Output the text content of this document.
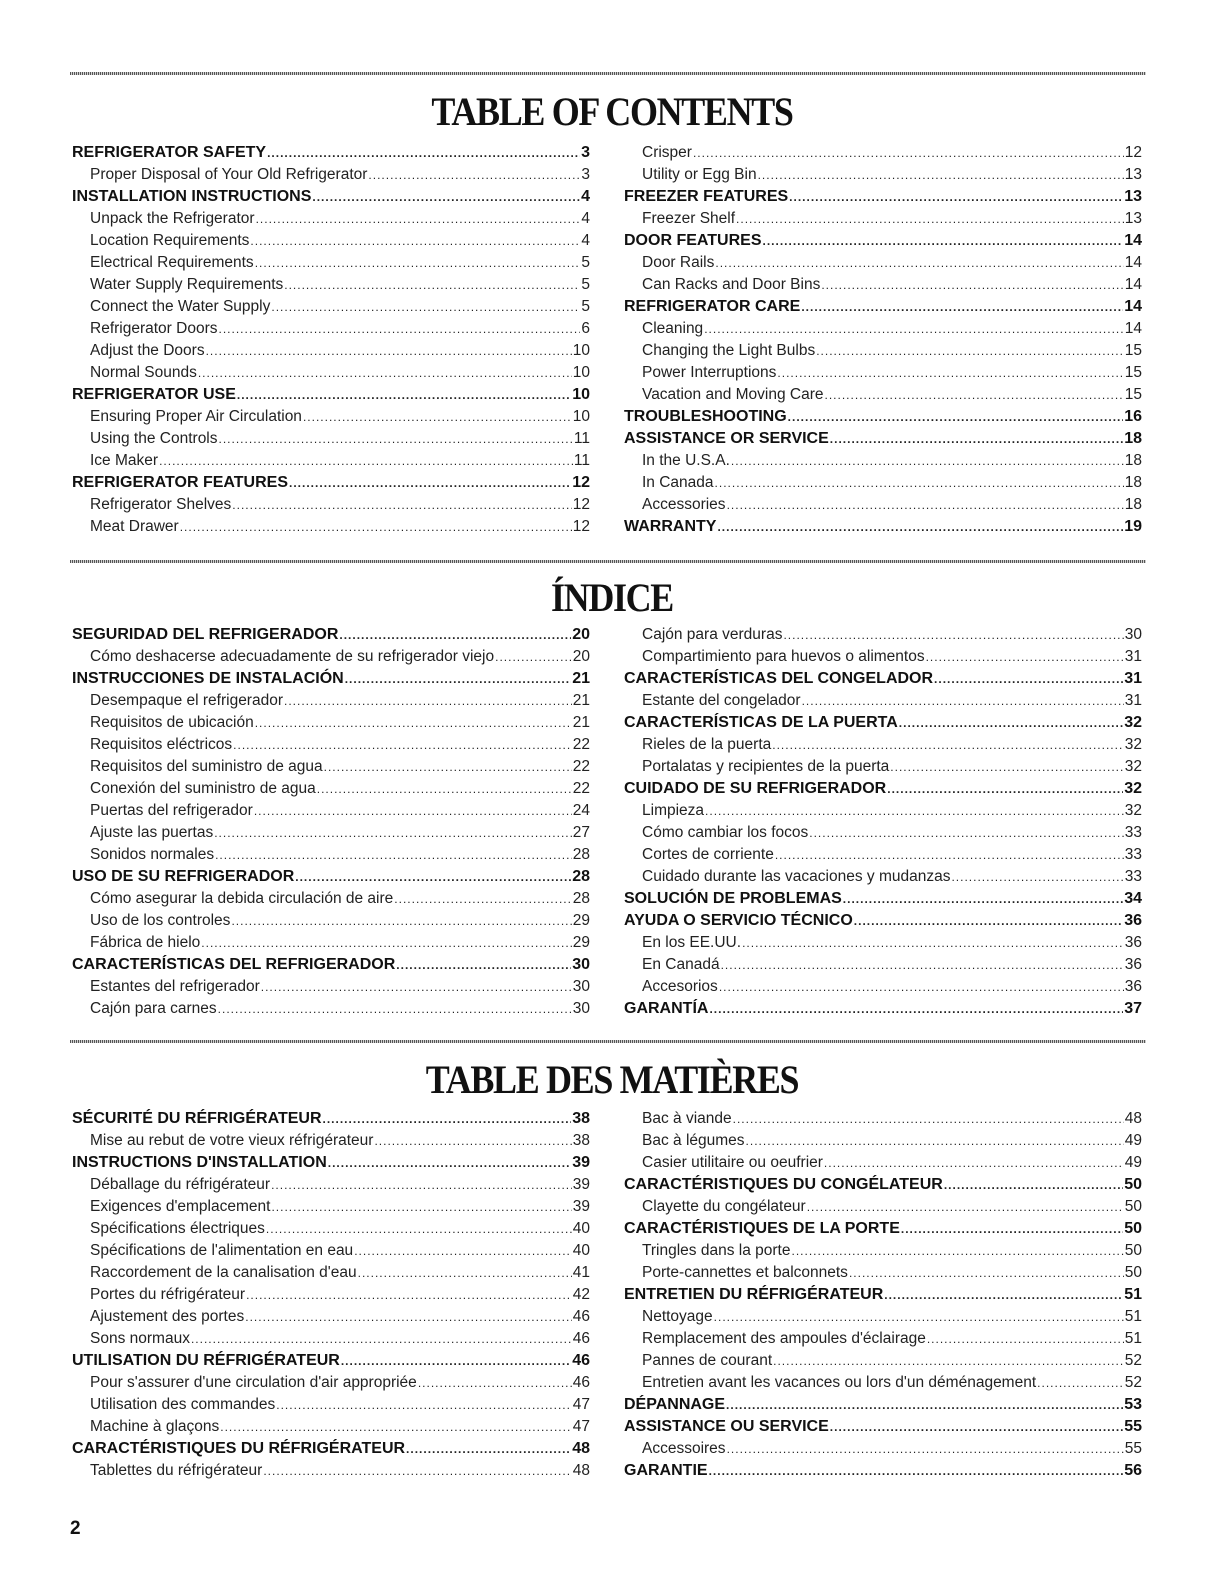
TABLE OF CONTENTS
REFRIGERATOR SAFETY .....	3
Proper Disposal of Your Old Refrigerator .....	3
INSTALLATION INSTRUCTIONS .....	4
Unpack the Refrigerator .....	4
Location Requirements .....	4
Electrical Requirements .....	5
Water Supply Requirements .....	5
Connect the Water Supply .....	5
Refrigerator Doors .....	6
Adjust the Doors .....	10
Normal Sounds .....	10
REFRIGERATOR USE .....	10
Ensuring Proper Air Circulation .....	10
Using the Controls .....	11
Ice Maker .....	11
REFRIGERATOR FEATURES .....	12
Refrigerator Shelves .....	12
Meat Drawer .....	12
Crisper .....	12
Utility or Egg Bin .....	13
FREEZER FEATURES .....	13
Freezer Shelf .....	13
DOOR FEATURES .....	14
Door Rails .....	14
Can Racks and Door Bins .....	14
REFRIGERATOR CARE .....	14
Cleaning .....	14
Changing the Light Bulbs .....	15
Power Interruptions .....	15
Vacation and Moving Care .....	15
TROUBLESHOOTING .....	16
ASSISTANCE OR SERVICE .....	18
In the U.S.A. .....	18
In Canada .....	18
Accessories .....	18
WARRANTY .....	19
ÍNDICE
SEGURIDAD DEL REFRIGERADOR .....	20
Cómo deshacerse adecuadamente de su refrigerador viejo .....	20
INSTRUCCIONES DE INSTALACIÓN .....	21
Desempaque el refrigerador .....	21
Requisitos de ubicación .....	21
Requisitos eléctricos .....	22
Requisitos del suministro de agua .....	22
Conexión del suministro de agua .....	22
Puertas del refrigerador .....	24
Ajuste las puertas .....	27
Sonidos normales .....	28
USO DE SU REFRIGERADOR .....	28
Cómo asegurar la debida circulación de aire .....	28
Uso de los controles .....	29
Fábrica de hielo .....	29
CARACTERÍSTICAS DEL REFRIGERADOR .....	30
Estantes del refrigerador .....	30
Cajón para carnes .....	30
Cajón para verduras .....	30
Compartimiento para huevos o alimentos .....	31
CARACTERÍSTICAS DEL CONGELADOR .....	31
Estante del congelador .....	31
CARACTERÍSTICAS DE LA PUERTA .....	32
Rieles de la puerta .....	32
Portalatas y recipientes de la puerta .....	32
CUIDADO DE SU REFRIGERADOR .....	32
Limpieza .....	32
Cómo cambiar los focos .....	33
Cortes de corriente .....	33
Cuidado durante las vacaciones y mudanzas .....	33
SOLUCIÓN DE PROBLEMAS .....	34
AYUDA O SERVICIO TÉCNICO .....	36
En los EE.UU. .....	36
En Canadá .....	36
Accesorios .....	36
GARANTÍA .....	37
TABLE DES MATIÈRES
SÉCURITÉ DU RÉFRIGÉRATEUR .....	38
Mise au rebut de votre vieux réfrigérateur .....	38
INSTRUCTIONS D'INSTALLATION .....	39
Déballage du réfrigérateur .....	39
Exigences d'emplacement .....	39
Spécifications électriques .....	40
Spécifications de l'alimentation en eau .....	40
Raccordement de la canalisation d'eau .....	41
Portes du réfrigérateur .....	42
Ajustement des portes .....	46
Sons normaux .....	46
UTILISATION DU RÉFRIGÉRATEUR .....	46
Pour s'assurer d'une circulation d'air appropriée .....	46
Utilisation des commandes .....	47
Machine à glaçons .....	47
CARACTÉRISTIQUES DU RÉFRIGÉRATEUR .....	48
Tablettes du réfrigérateur .....	48
Bac à viande .....	48
Bac à légumes .....	49
Casier utilitaire ou oeufrier .....	49
CARACTÉRISTIQUES DU CONGÉLATEUR .....	50
Clayette du congélateur .....	50
CARACTÉRISTIQUES DE LA PORTE .....	50
Tringles dans la porte .....	50
Porte-cannettes et balconnets .....	50
ENTRETIEN DU RÉFRIGÉRATEUR .....	51
Nettoyage .....	51
Remplacement des ampoules d'éclairage .....	51
Pannes de courant .....	52
Entretien avant les vacances ou lors d'un déménagement .....	52
DÉPANNAGE .....	53
ASSISTANCE OU SERVICE .....	55
Accessoires .....	55
GARANTIE .....	56
2
